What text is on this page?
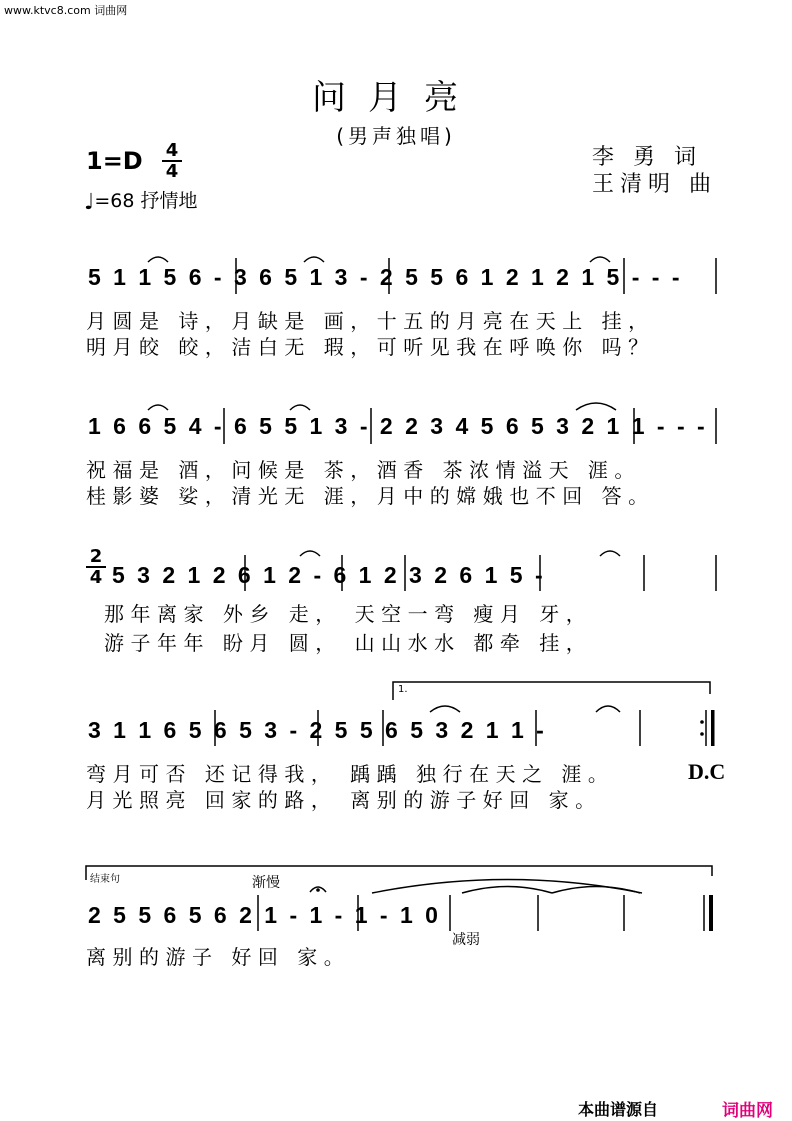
www.ktvc8.com 词曲网
问月亮
(男声独唱)
李 勇 词
王清明 曲
1=D 4
4
♩=68 抒情地
5 1 1 5 6 - 3 6 5 1 3 - 2 5 5 6 1 2 1 2 1 5 - - -
月圆是 诗，月缺是 画，十五的月亮在天上 挂，
明月皎 皎，洁白无 瑕，可听见我在呼唤你 吗？
1 6 6 5 4 - 6 5 5 1 3 - 2 2 3 4 5 6 5 3 2 1 1 - - -
祝福是 酒，问候是 茶，酒香 茶浓情溢天 涯。
桂影婆 娑，清光无 涯，月中的嫦娥也不回 答。
2
4 5 3 2 1 2 6 1 2 - 6 1 2 3 2 6 1 5 -
那年离家 外乡 走， 天空一弯 瘦月 牙，
游子年年 盼月 圆， 山山水水 都牵 挂，
1.
3 1 1 6 5 6 5 3 - 2 5 5 6 5 3 2 1 1 -
弯月可否 还记得我， 踽踽 独行在天之 涯。
月光照亮 回家的路， 离别的游子好回 家。
D.C
结束句	渐慢
2 5 5 6 5 6 2 1 - 1 - 1 - 1 0
减弱
离别的游子 好回 家。
本曲谱源自	词曲网
